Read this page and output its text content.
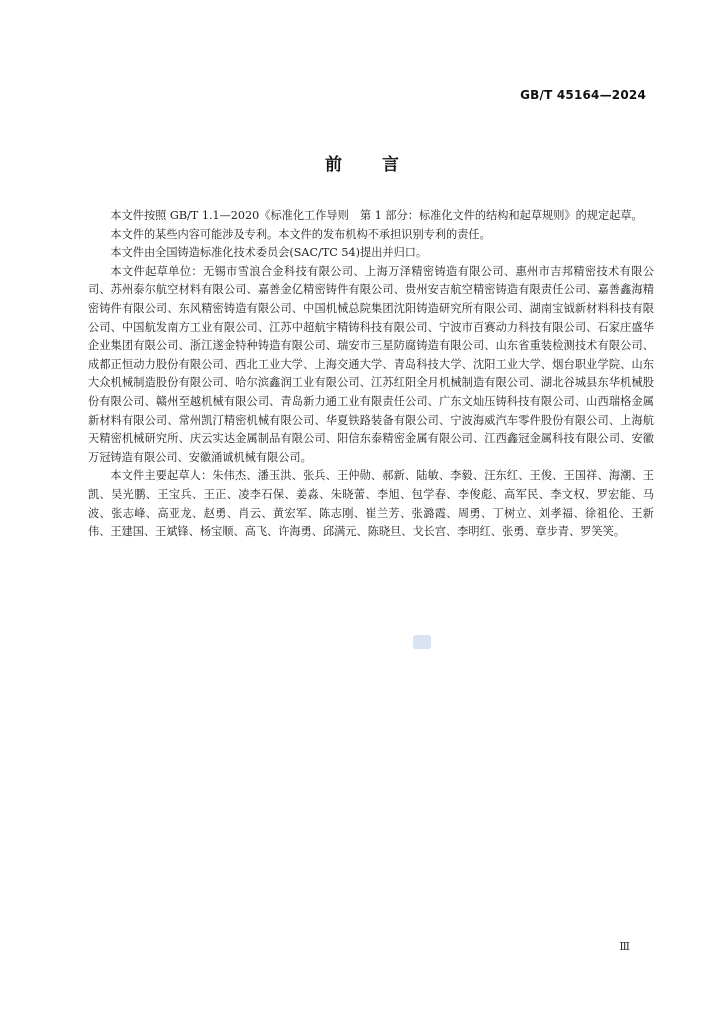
GB/T 45164—2024
前言

本文件按照 GB/T 1.1—2020《标准化工作导则　第 1 部分：标准化文件的结构和起草规则》的规定起草。

本文件的某些内容可能涉及专利。本文件的发布机构不承担识别专利的责任。

本文件由全国铸造标准化技术委员会(SAC/TC 54)提出并归口。

本文件起草单位：无锡市雪浪合金科技有限公司、上海万泽精密铸造有限公司、惠州市吉邦精密技术有限公司、苏州泰尔航空材料有限公司、嘉善金亿精密铸件有限公司、贵州安吉航空精密铸造有限责任公司、嘉善鑫海精密铸件有限公司、东风精密铸造有限公司、中国机械总院集团沈阳铸造研究所有限公司、湖南宝钺新材料科技有限公司、中国航发南方工业有限公司、江苏中超航宇精铸科技有限公司、宁波市百赛动力科技有限公司、石家庄盛华企业集团有限公司、浙江遂金特种铸造有限公司、瑞安市三星防腐铸造有限公司、山东省重装检测技术有限公司、成都正恒动力股份有限公司、西北工业大学、上海交通大学、青岛科技大学、沈阳工业大学、烟台职业学院、山东大众机械制造股份有限公司、哈尔滨鑫润工业有限公司、江苏红阳全月机械制造有限公司、湖北谷城县东华机械股份有限公司、赣州至越机械有限公司、青岛新力通工业有限责任公司、广东文灿压铸科技有限公司、山西瑞格金属新材料有限公司、常州凯汀精密机械有限公司、华夏铁路装备有限公司、宁波海威汽车零件股份有限公司、上海航天精密机械研究所、庆云实达金属制品有限公司、阳信东泰精密金属有限公司、江西鑫冠金属科技有限公司、安徽万冠铸造有限公司、安徽涌诚机械有限公司。

本文件主要起草人：朱伟杰、潘玉洪、张兵、王仲勋、郝新、陆敏、李毅、汪东红、王俊、王国祥、海潮、王凯、吴光鹏、王宝兵、王正、凌李石保、姜淼、朱晓蕾、李旭、包学春、李俊彪、高军民、李文权、罗宏能、马波、张志峰、高亚龙、赵勇、肖云、黄宏军、陈志刚、崔兰芳、张潞霞、周勇、丁树立、刘孝福、徐祖伦、王新伟、王建国、王斌锋、杨宝顺、高飞、许海勇、邱满元、陈晓旦、戈长宫、李明红、张勇、章步青、罗笑笑。

Ⅲ
